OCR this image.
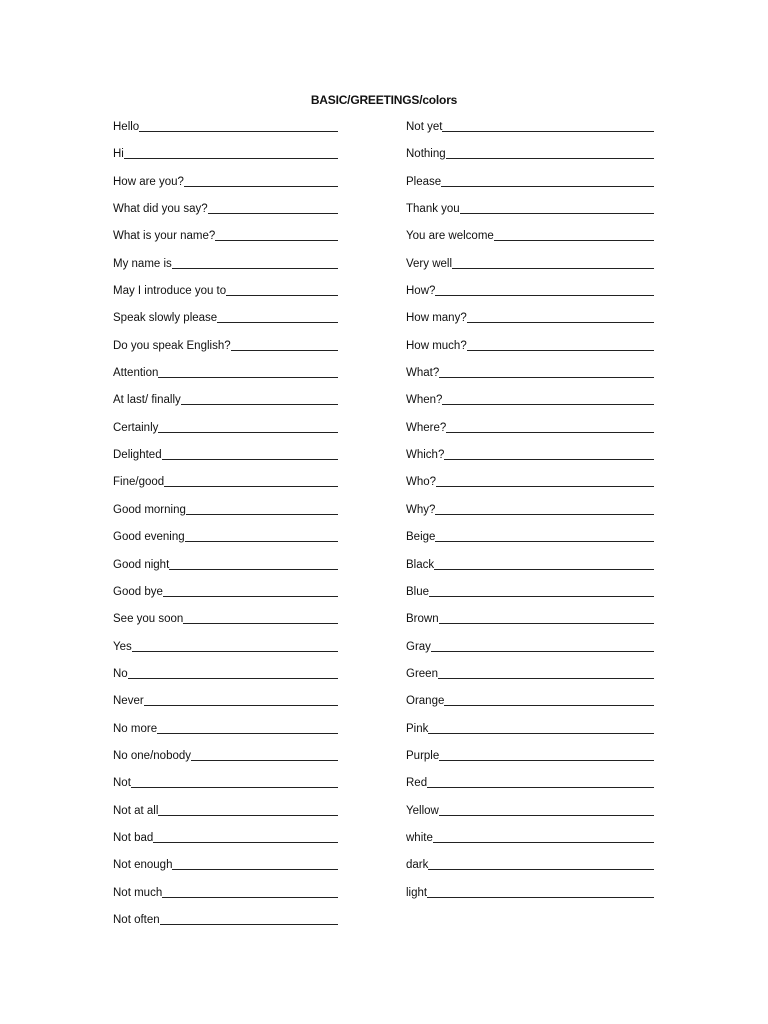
BASIC/GREETINGS/colors
Hello
Hi
How are you?
What did you say?
What is your name?
My name is
May I introduce you to
Speak slowly please
Do you speak English?
Attention
At last/ finally
Certainly
Delighted
Fine/good
Good morning
Good evening
Good night
Good bye
See you soon
Yes
No
Never
No more
No one/nobody
Not
Not at all
Not bad
Not enough
Not much
Not often
Not yet
Nothing
Please
Thank you
You are welcome
Very well
How?
How many?
How much?
What?
When?
Where?
Which?
Who?
Why?
Beige
Black
Blue
Brown
Gray
Green
Orange
Pink
Purple
Red
Yellow
white
dark
light
